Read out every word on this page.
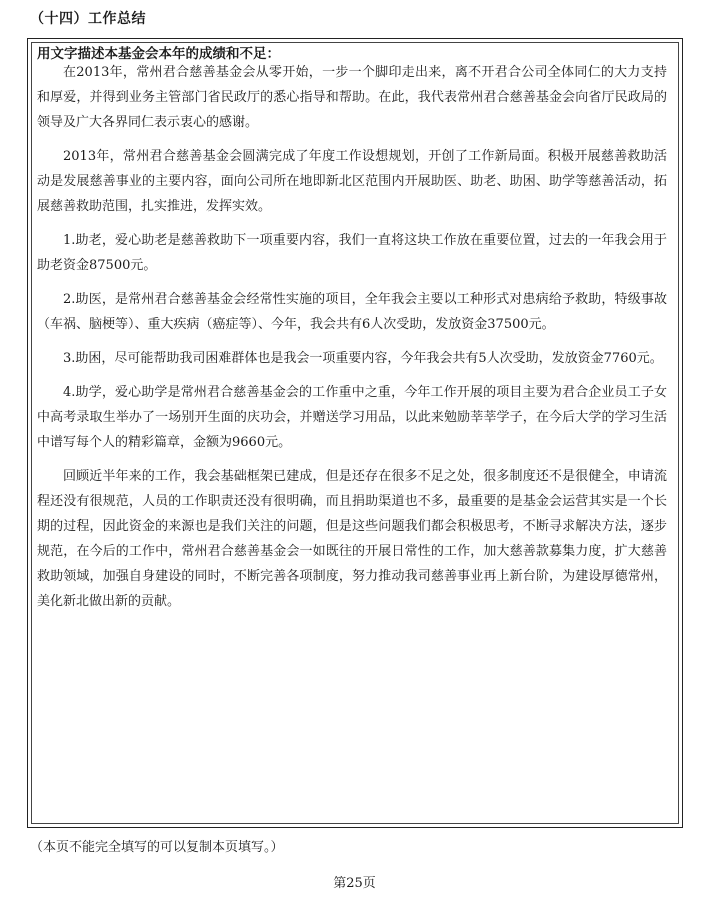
（十四）工作总结
用文字描述本基金会本年的成绩和不足：

在2013年，常州君合慈善基金会从零开始，一步一个脚印走出来，离不开君合公司全体同仁的大力支持和厚爱，并得到业务主管部门省民政厅的悉心指导和帮助。在此，我代表常州君合慈善基金会向省厅民政局的领导及广大各界同仁表示衷心的感谢。

2013年，常州君合慈善基金会圆满完成了年度工作设想规划，开创了工作新局面。积极开展慈善救助活动是发展慈善事业的主要内容，面向公司所在地即新北区范围内开展助医、助老、助困、助学等慈善活动，拓展慈善救助范围，扎实推进，发挥实效。

1.助老，爱心助老是慈善救助下一项重要内容，我们一直将这块工作放在重要位置，过去的一年我会用于助老资金87500元。

2.助医，是常州君合慈善基金会经常性实施的项目，全年我会主要以工种形式对患病给予救助，特级事故（车祸、脑梗等）、重大疾病（癌症等）、今年，我会共有6人次受助，发放资金37500元。

3.助困，尽可能帮助我司困难群体也是我会一项重要内容，今年我会共有5人次受助，发放资金7760元。

4.助学，爱心助学是常州君合慈善基金会的工作重中之重，今年工作开展的项目主要为君合企业员工子女中高考录取生举办了一场别开生面的庆功会，并赠送学习用品，以此来勉励莘莘学子，在今后大学的学习生活中谱写每个人的精彩篇章，金额为9660元。

回顾近半年来的工作，我会基础框架已建成，但是还存在很多不足之处，很多制度还不是很健全，申请流程还没有很规范，人员的工作职责还没有很明确，而且捐助渠道也不多，最重要的是基金会运营其实是一个长期的过程，因此资金的来源也是我们关注的问题，但是这些问题我们都会积极思考，不断寻求解决方法，逐步规范，在今后的工作中，常州君合慈善基金会一如既往的开展日常性的工作，加大慈善款募集力度，扩大慈善救助领域，加强自身建设的同时，不断完善各项制度，努力推动我司慈善事业再上新台阶，为建设厚德常州，美化新北做出新的贡献。

（本页不能完全填写的可以复制本页填写。）
第25页
